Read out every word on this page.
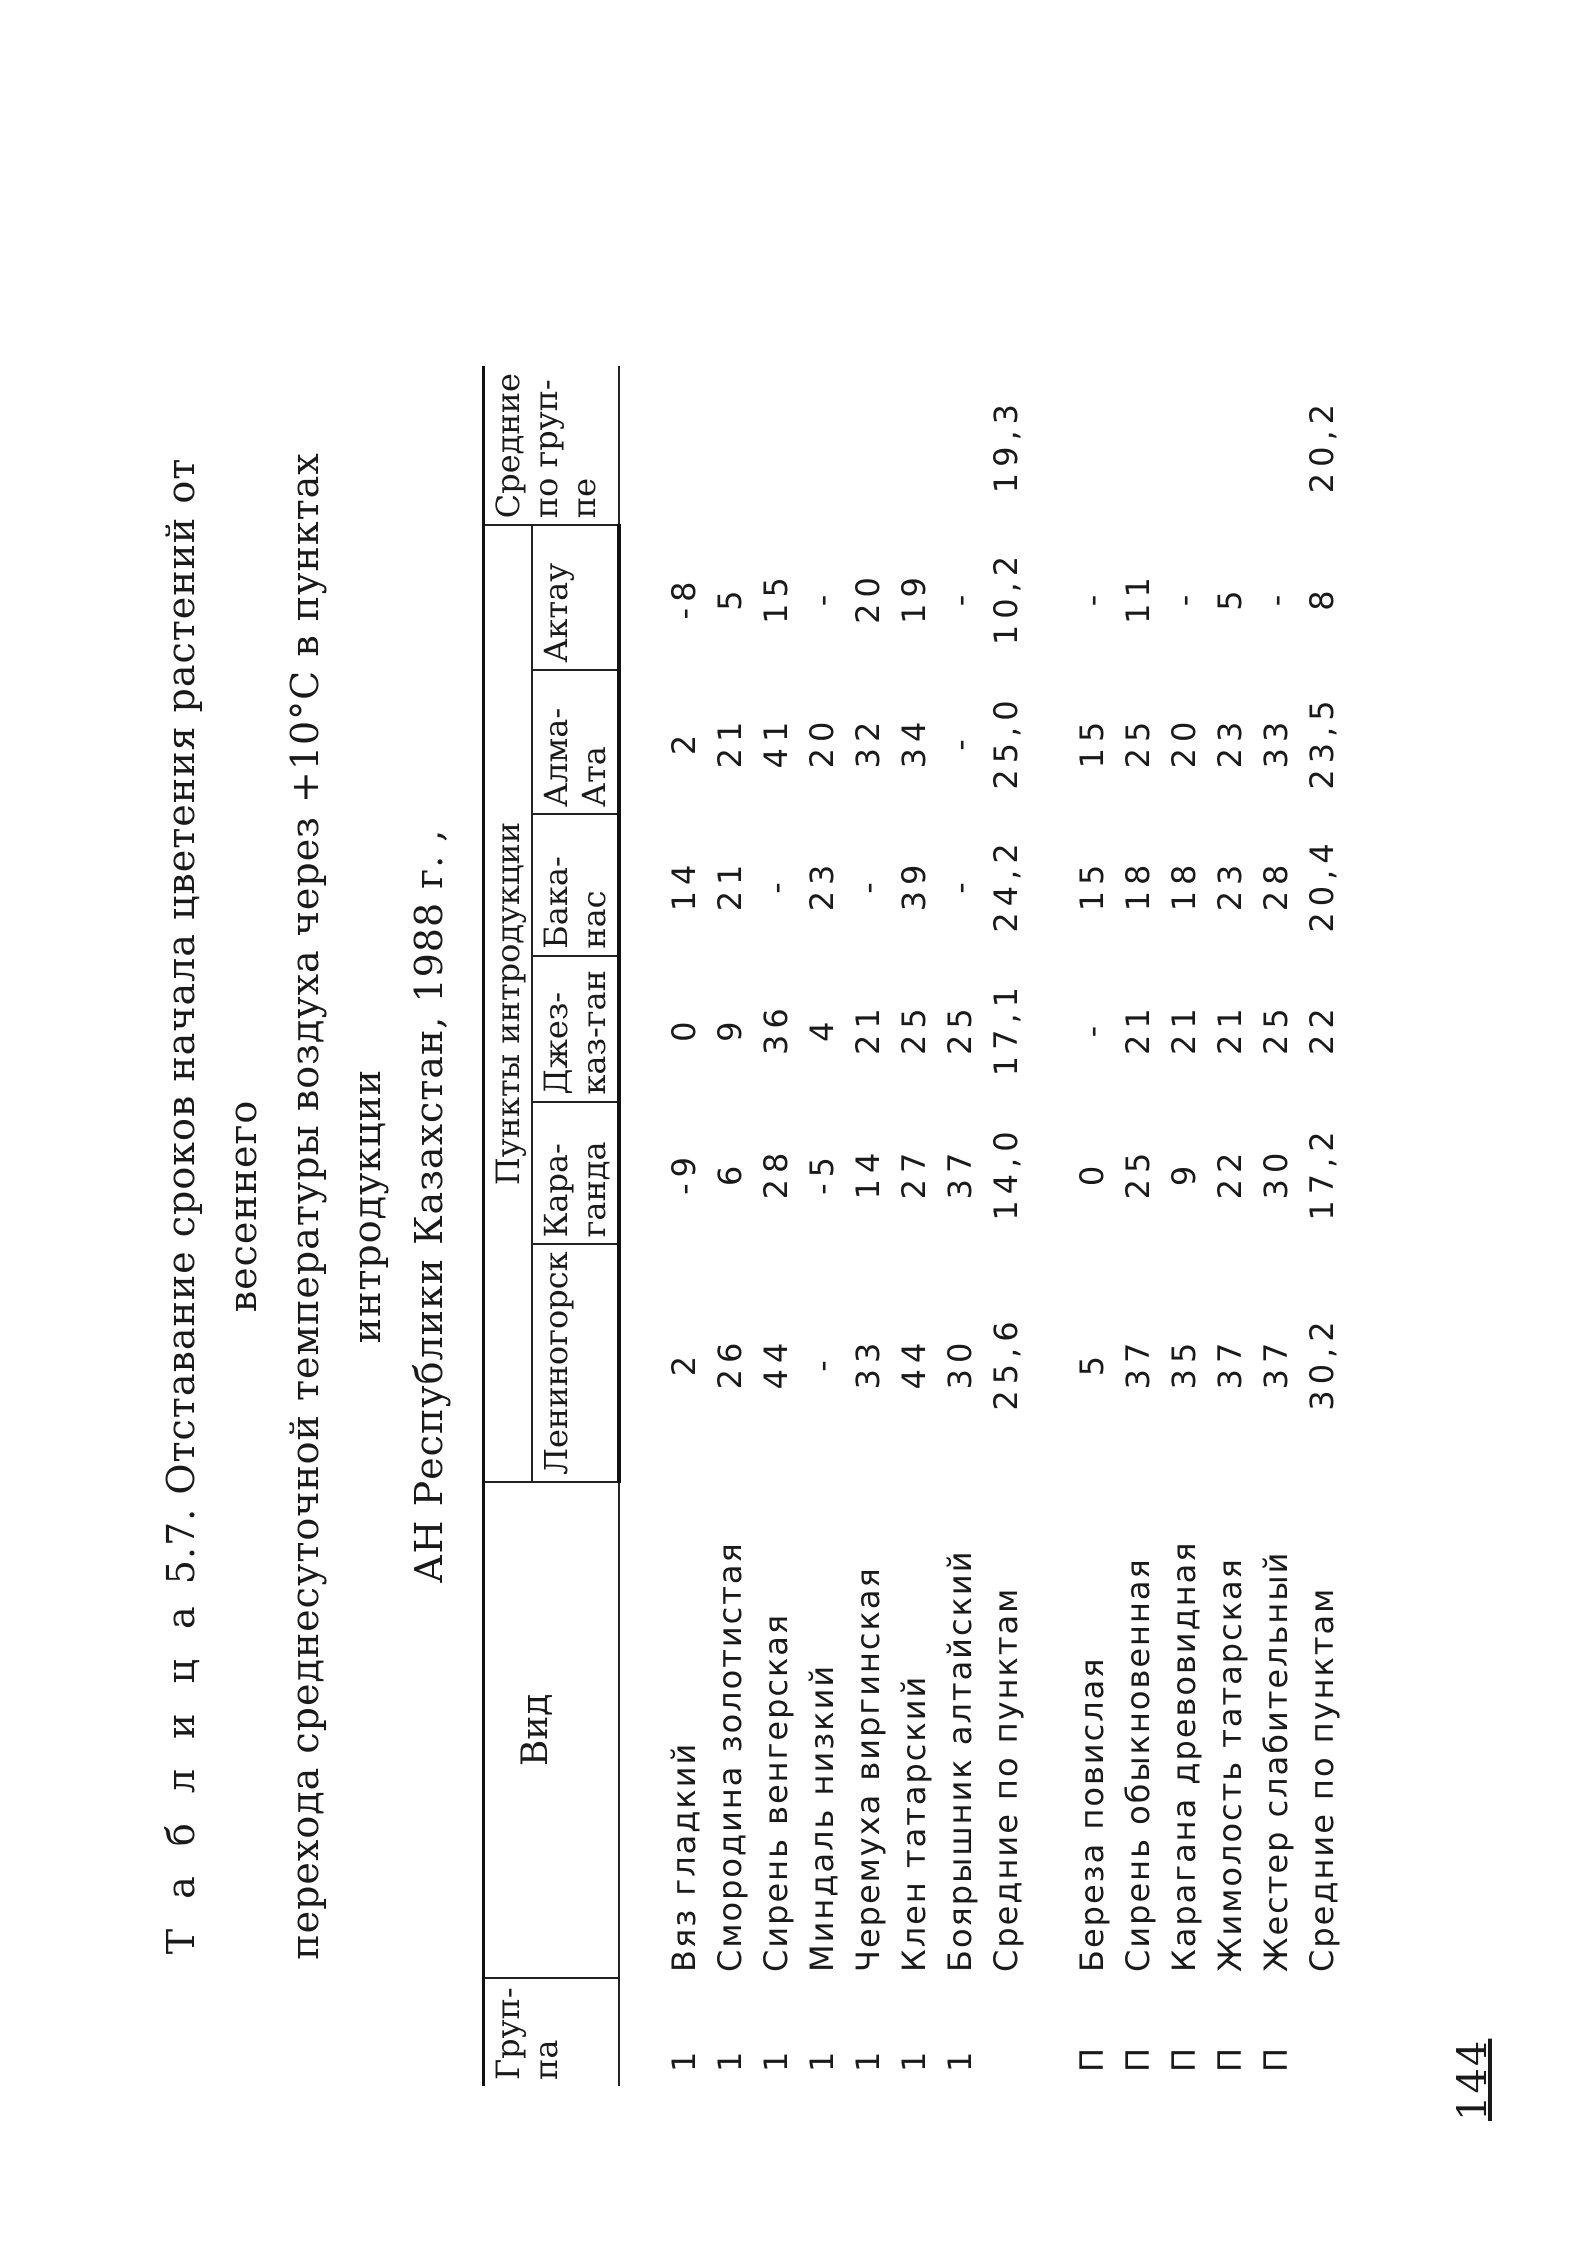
Т а б л и ц а 5.7. Отставание сроков начала цветения растений от весеннего перехода среднесуточной температуры воздуха через +10°С в пунктах интродукции АН Республики Казахстан, 1988 г. ,
Груп-па	Вид	Пункты интродукции						Средние по груп-пе
		Лениногорск	Кара-ганда	Джез-каз-ган	Бака-нас	Алма-Ата	Актау	
1	Вяз гладкий	2	-9	0	14	2	-8	
1	Смородина золотистая	26	6	9	21	21	5	
1	Сирень венгерская	44	28	36	-	41	15	
1	Миндаль низкий	-	-5	4	23	20	-	
1	Черемуха виргинская	33	14	21	-	32	20	
1	Клен татарский	44	27	25	39	34	19	
1	Боярышник алтайский	30	37	25	-	-	-	
	Средние по пунктам	25,6	14,0	17,1	24,2	25,0	10,2	19,3

П	Береза повислая	5	0	-	15	15	-	
П	Сирень обыкновенная	37	25	21	18	25	11	
П	Карагана древовидная	35	9	21	18	20	-	
П	Жимолость татарская	37	22	21	23	23	5	
П	Жестер слабительный	37	30	25	28	33	-	
	Средние по пунктам	30,2	17,2	22	20,4	23,5	8	20,2
144
